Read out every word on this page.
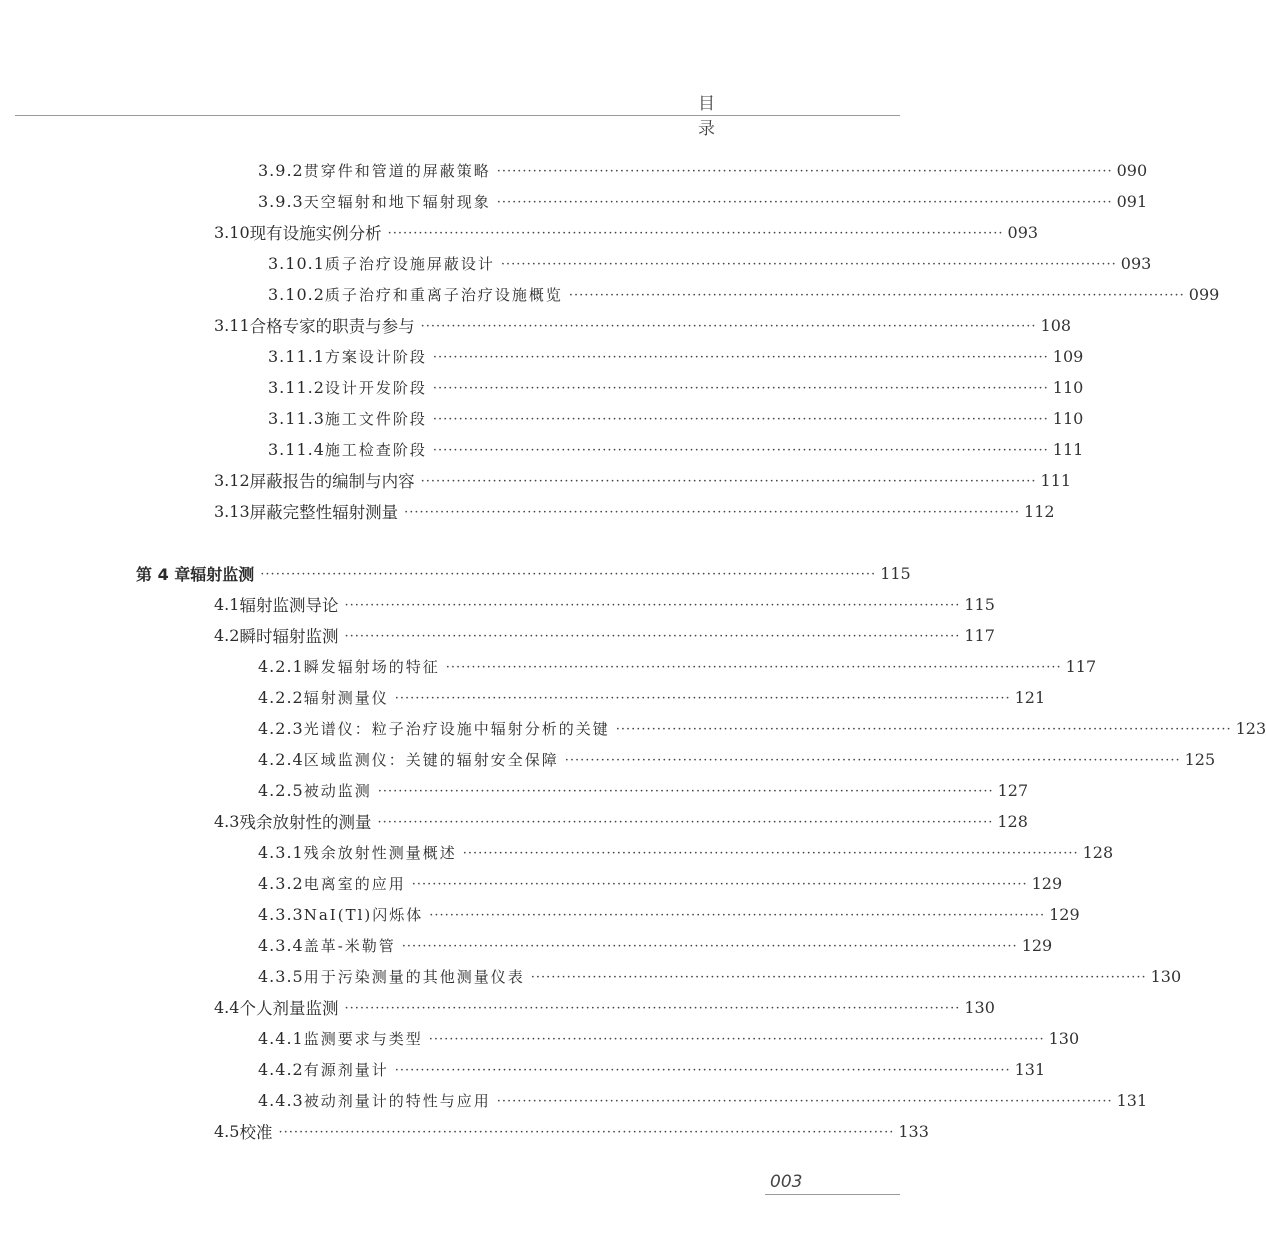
目 录
3.9.2 贯穿件和管道的屏蔽策略 ························································································································ 090
3.9.3 天空辐射和地下辐射现象 ························································································································ 091
3.10 现有设施实例分析 ························································································································ 093
3.10.1 质子治疗设施屏蔽设计 ························································································································ 093
3.10.2 质子治疗和重离子治疗设施概览 ························································································································ 099
3.11 合格专家的职责与参与 ························································································································ 108
3.11.1 方案设计阶段 ························································································································ 109
3.11.2 设计开发阶段 ························································································································ 110
3.11.3 施工文件阶段 ························································································································ 110
3.11.4 施工检查阶段 ························································································································ 111
3.12 屏蔽报告的编制与内容 ························································································································ 111
3.13 屏蔽完整性辐射测量 ························································································································ 112
第 4 章 辐射监测 ························································································································ 115
4.1 辐射监测导论 ························································································································ 115
4.2 瞬时辐射监测 ························································································································ 117
4.2.1 瞬发辐射场的特征 ························································································································ 117
4.2.2 辐射测量仪 ························································································································ 121
4.2.3 光谱仪：粒子治疗设施中辐射分析的关键 ························································································································ 123
4.2.4 区域监测仪：关键的辐射安全保障 ························································································································ 125
4.2.5 被动监测 ························································································································ 127
4.3 残余放射性的测量 ························································································································ 128
4.3.1 残余放射性测量概述 ························································································································ 128
4.3.2 电离室的应用 ························································································································ 129
4.3.3 NaI(Tl)闪烁体 ························································································································ 129
4.3.4 盖革-米勒管 ························································································································ 129
4.3.5 用于污染测量的其他测量仪表 ························································································································ 130
4.4 个人剂量监测 ························································································································ 130
4.4.1 监测要求与类型 ························································································································ 130
4.4.2 有源剂量计 ························································································································ 131
4.4.3 被动剂量计的特性与应用 ························································································································ 131
4.5 校准 ························································································································ 133
003
